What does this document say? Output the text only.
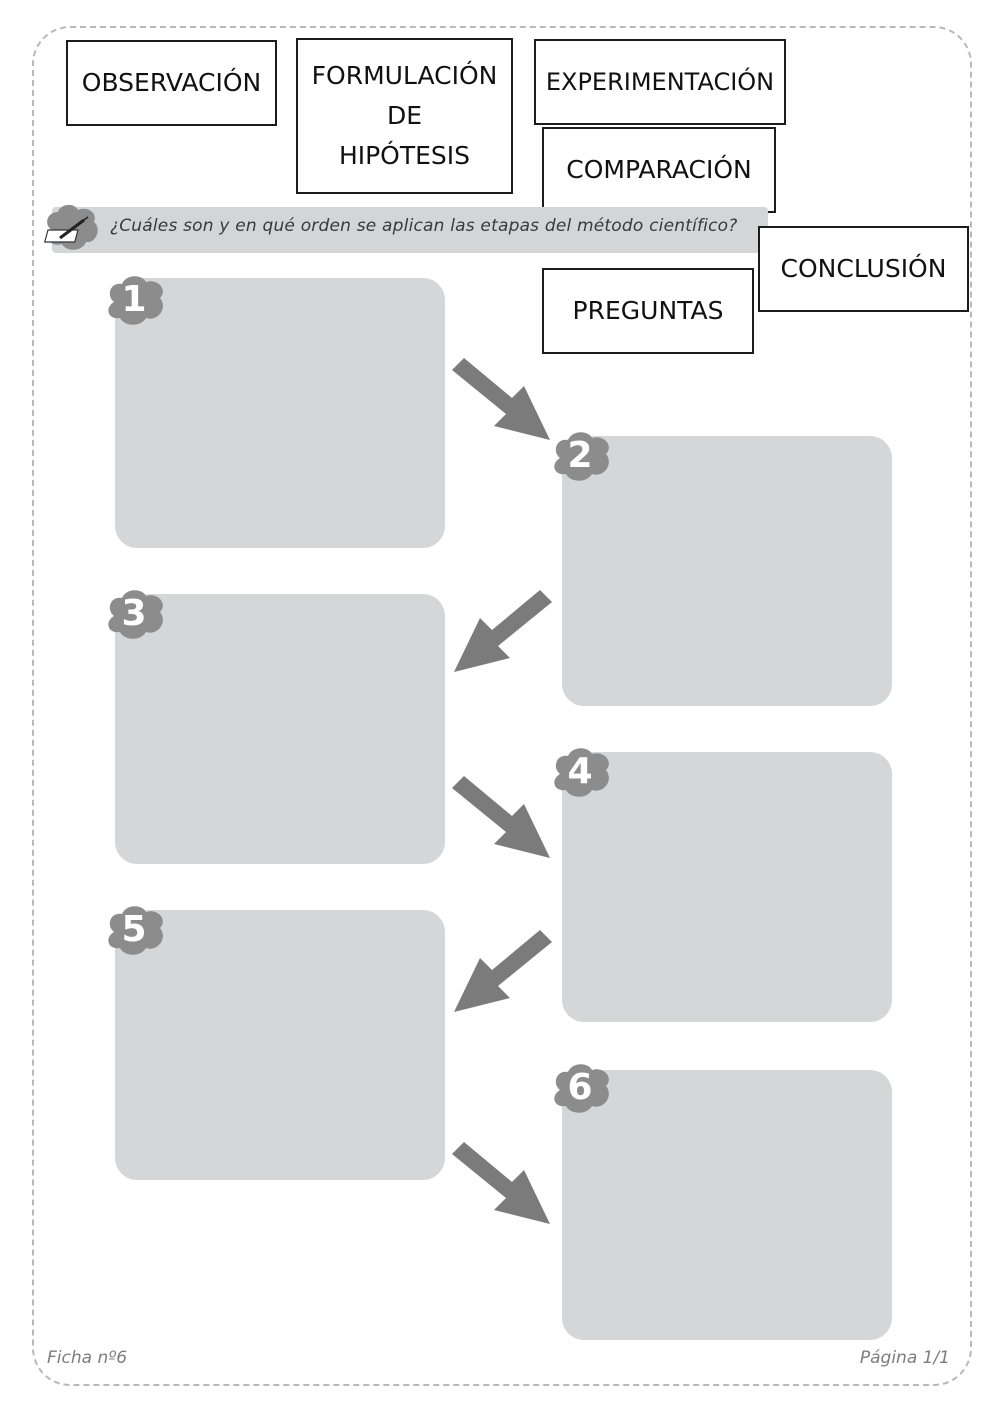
OBSERVACIÓN FORMULACIÓN
DE
HIPÓTESIS
EXPERIMENTACIÓN
COMPARACIÓN
¿Cuáles son y en qué orden se aplican las etapas del método científico?
CONCLUSIÓN
PREGUNTAS
1
2
3
4
5
6
Ficha nº6	Página 1/1
